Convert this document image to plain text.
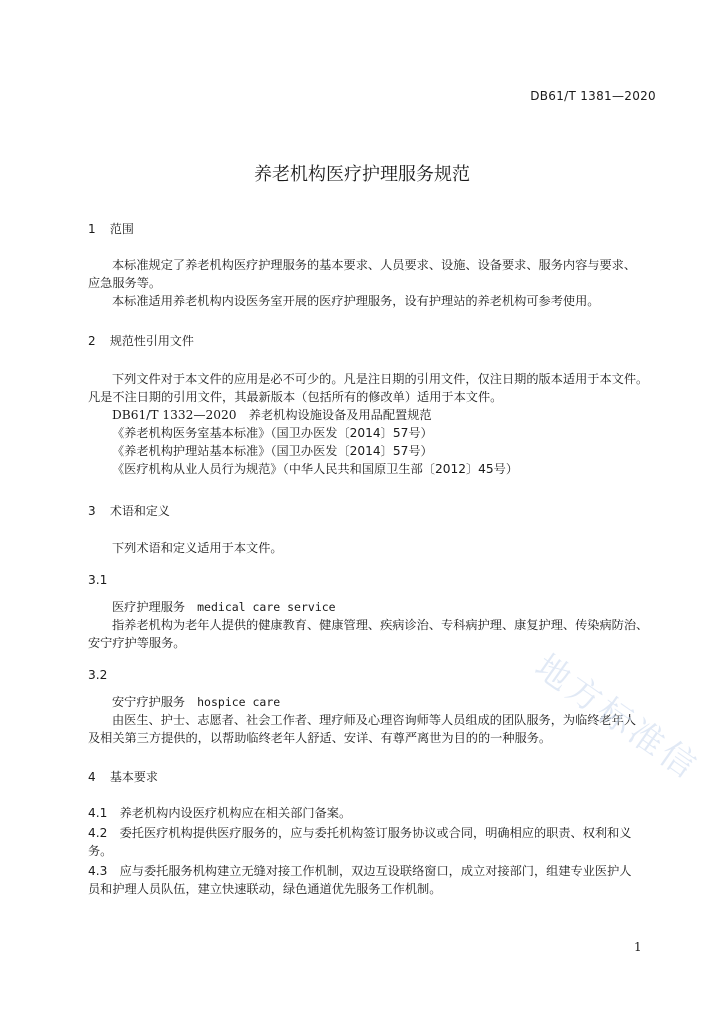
DB61/T 1381—2020
养老机构医疗护理服务规范
1 范围
本标准规定了养老机构医疗护理服务的基本要求、人员要求、设施、设备要求、服务内容与要求、
应急服务等。
本标准适用养老机构内设医务室开展的医疗护理服务，设有护理站的养老机构可参考使用。
2 规范性引用文件
下列文件对于本文件的应用是必不可少的。凡是注日期的引用文件，仅注日期的版本适用于本文件。
凡是不注日期的引用文件，其最新版本（包括所有的修改单）适用于本文件。
DB61/T 1332—2020　养老机构设施设备及用品配置规范
《养老机构医务室基本标准》（国卫办医发〔2014〕57号）
《养老机构护理站基本标准》（国卫办医发〔2014〕57号）
《医疗机构从业人员行为规范》（中华人民共和国原卫生部〔2012〕45号）
3 术语和定义
下列术语和定义适用于本文件。
3.1
医疗护理服务 medical care service
指养老机构为老年人提供的健康教育、健康管理、疾病诊治、专科病护理、康复护理、传染病防治、
安宁疗护等服务。
3.2
安宁疗护服务 hospice care
由医生、护士、志愿者、社会工作者、理疗师及心理咨询师等人员组成的团队服务，为临终老年人
及相关第三方提供的，以帮助临终老年人舒适、安详、有尊严离世为目的的一种服务。
4 基本要求
4.1　养老机构内设医疗机构应在相关部门备案。
4.2　委托医疗机构提供医疗服务的，应与委托机构签订服务协议或合同，明确相应的职责、权利和义
务。
4.3　应与委托服务机构建立无缝对接工作机制，双边互设联络窗口，成立对接部门，组建专业医护人
员和护理人员队伍，建立快速联动，绿色通道优先服务工作机制。
1
地方标准信
